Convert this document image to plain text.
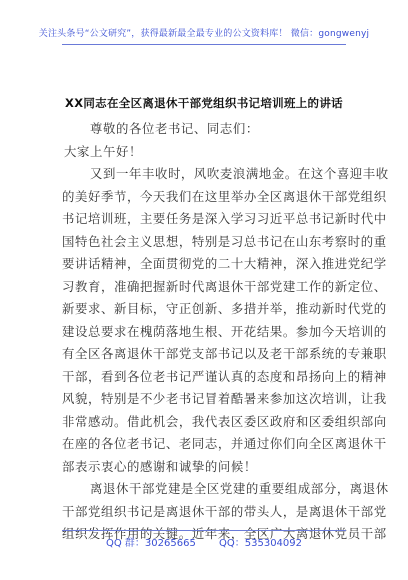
关注头条号“公文研究”，获得最新最全最专业的公文资料库！ 微信：gongwenyj
XX同志在全区离退休干部党组织书记培训班上的讲话
尊敬的各位老书记、同志们：
大家上午好！
又到一年丰收时，风吹麦浪满地金。在这个喜迎丰收
的美好季节，今天我们在这里举办全区离退休干部党组织
书记培训班，主要任务是深入学习习近平总书记新时代中
国特色社会主义思想，特别是习总书记在山东考察时的重
要讲话精神，全面贯彻党的二十大精神，深入推进党纪学
习教育，准确把握新时代离退休干部党建工作的新定位、
新要求、新目标，守正创新、多措并举，推动新时代党的
建设总要求在槐荫落地生根、开花结果。参加今天培训的
有全区各离退休干部党支部书记以及老干部系统的专兼职
干部，看到各位老书记严谨认真的态度和昂扬向上的精神
风貌，特别是不少老书记冒着酷暑来参加这次培训，让我
非常感动。借此机会，我代表区委区政府和区委组织部向
在座的各位老书记、老同志，并通过你们向全区离退休干
部表示衷心的感谢和诚挚的问候！
离退休干部党建是全区党建的重要组成部分，离退休
干部党组织书记是离退休干部的带头人，是离退休干部党
组织发挥作用的关键。近年来，全区广大离退休党员干部
QQ 群：30265665 QQ：535304092
